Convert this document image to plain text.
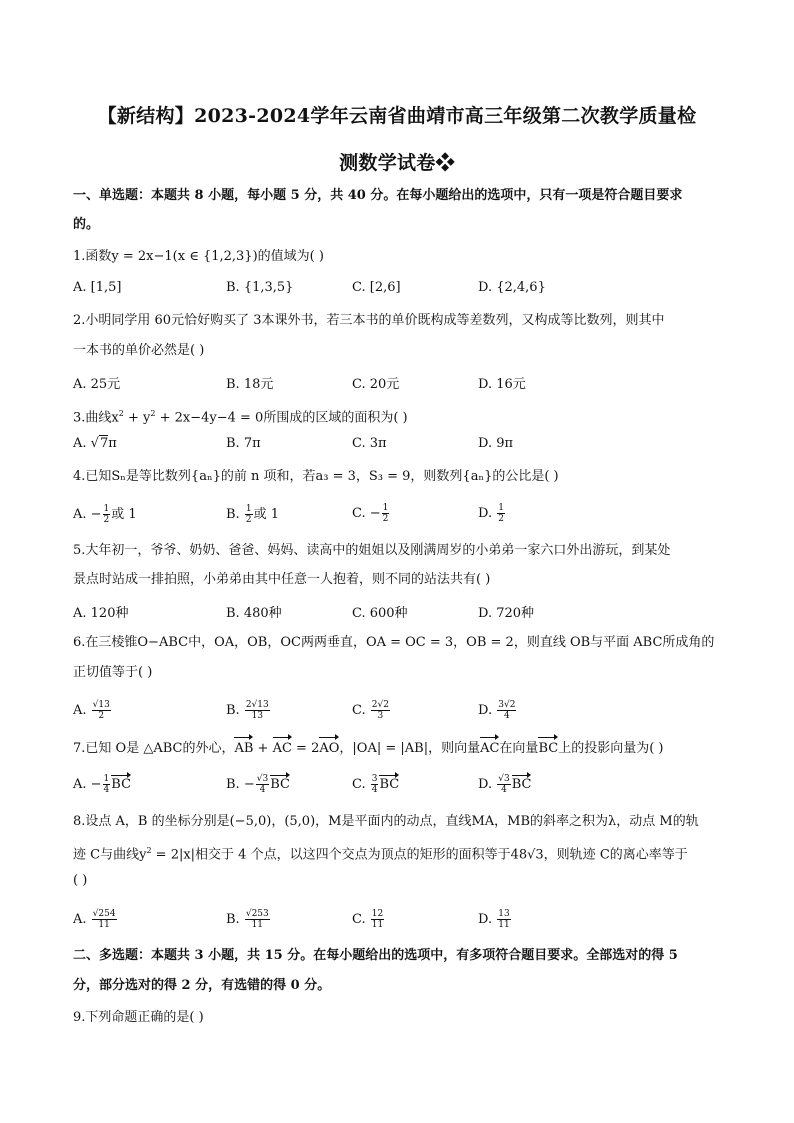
【新结构】2023-2024学年云南省曲靖市高三年级第二次教学质量检
测数学试卷❖
一、单选题：本题共 8 小题，每小题 5 分，共 40 分。在每小题给出的选项中，只有一项是符合题目要求
的。
1.函数y = 2x−1(x ∈ {1,2,3})的值域为( )
A. [1,5]	B. {1,3,5}	C. [2,6]	D. {2,4,6}
2.小明同学用 60元恰好购买了 3本课外书，若三本书的单价既构成等差数列，又构成等比数列，则其中
一本书的单价必然是( )
A. 25元	B. 18元	C. 20元	D. 16元
3.曲线$x^2 + y^2 + 2x-4y-4 = 0$所围成的区域的面积为( )
A. √7π	B. 7π	C. 3π	D. 9π
4.已知Sₙ是等比数列{aₙ}的前 n 项和，若a₃ = 3，S₃ = 9，则数列{aₙ}的公比是( )
A. − $\frac{1}{2}$ 或 1	B. $\frac{1}{2}$ 或 1	C. − $\frac{1}{2}$	D. $\frac{1}{2}$
5.大年初一，爷爷、奶奶、爸爸、妈妈、读高中的姐姐以及刚满周岁的小弟弟一家六口外出游玩，到某处
景点时站成一排拍照，小弟弟由其中任意一人抱着，则不同的站法共有( )
A. 120种	B. 480种	C. 600种	D. 720种
6.在三棱锥O−ABC中，OA，OB，OC两两垂直，OA = OC = 3，OB = 2，则直线 OB与平面 ABC所成角的
正切值等于( )
A. $\frac{√13}{2}$	B. $\frac{2√13}{13}$	C. $\frac{2√2}{3}$	D. $\frac{3√2}{4}$
7.已知 O是 △ABC的外心，AB + AC = 2AO，|OA| = |AB|，则向量AC在向量BC上的投影向量为( )
A. − $\frac{1}{4}$ BC	B. − $\frac{√3}{4}$ BC	C. $\frac{3}{4}$ BC	D. $\frac{√3}{4}$ BC
8.设点 A，B 的坐标分别是(−5,0)，(5,0)，M是平面内的动点，直线MA，MB的斜率之积为λ，动点 M的轨
迹 C与曲线$y^2 = 2|x|$相交于 4 个点，以这四个交点为顶点的矩形的面积等于48√3，则轨迹 C的离心率等于
( )
A. $\frac{√254}{11}$	B. $\frac{√253}{11}$	C. $\frac{12}{11}$	D. $\frac{13}{11}$
二、多选题：本题共 3 小题，共 15 分。在每小题给出的选项中，有多项符合题目要求。全部选对的得 5
分，部分选对的得 2 分，有选错的得 0 分。
9.下列命题正确的是( )
